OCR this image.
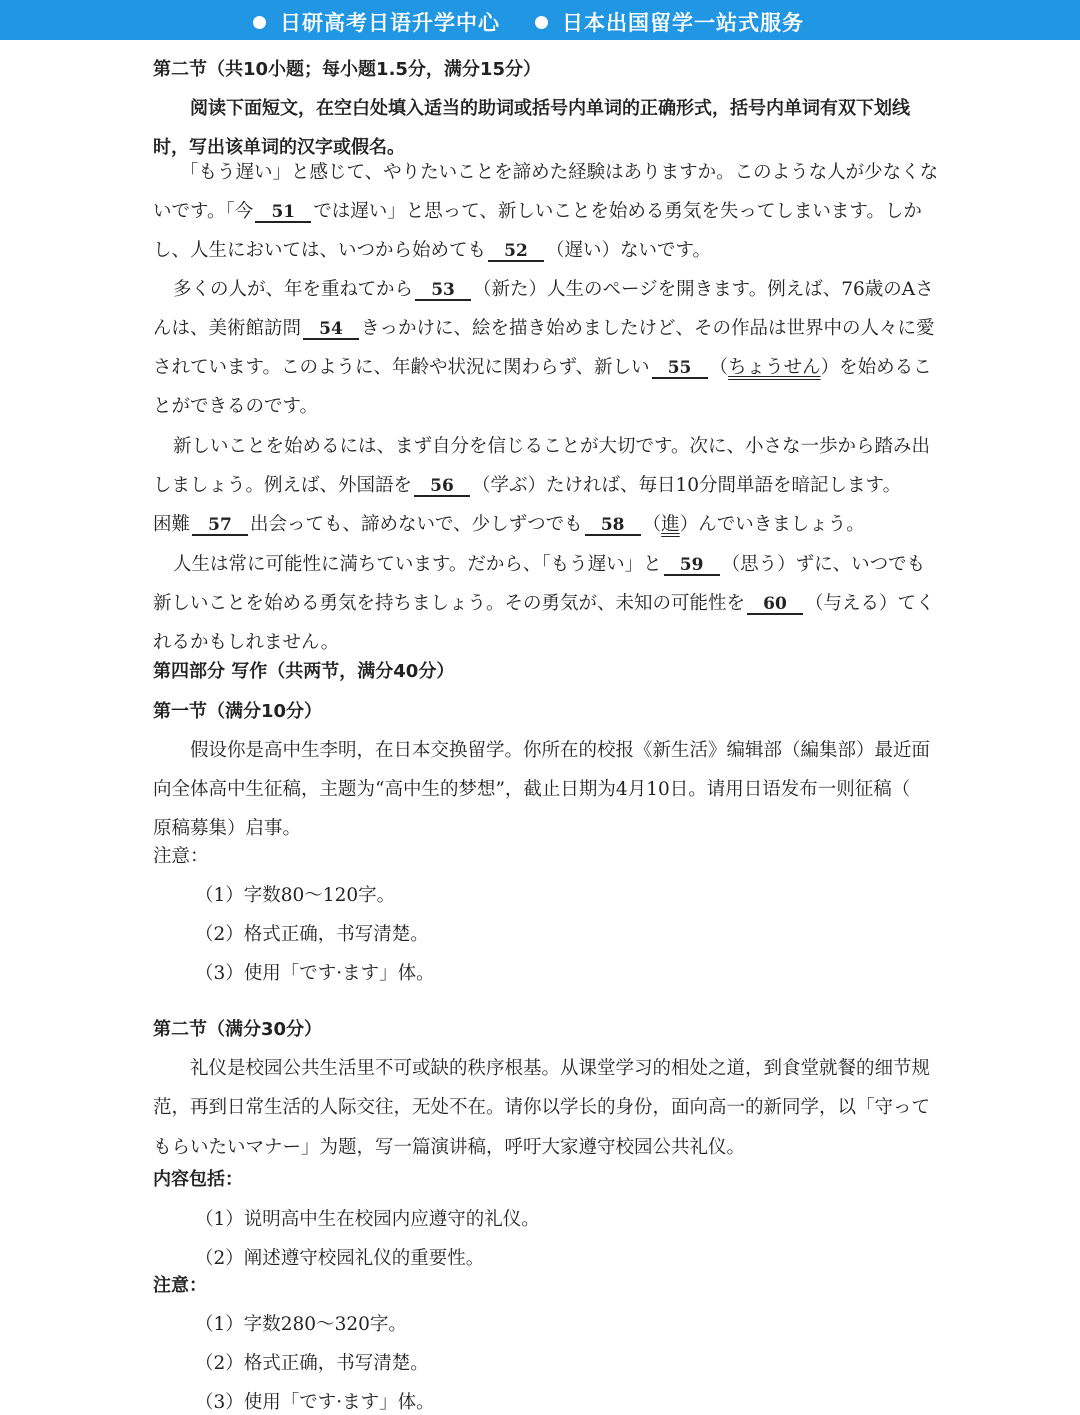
日研高考日语升学中心	日本出国留学一站式服务
第二节（共10小题；每小题1.5分，满分15分）
阅读下面短文，在空白处填入适当的助词或括号内单词的正确形式，括号内单词有双下划线
时，写出该单词的汉字或假名。
「もう遅い」と感じて、やりたいことを諦めた経験はありますか。このような人が少なくな
いです。「今 51 では遅い」と思って、新しいことを始める勇気を失ってしまいます。しか
し、人生においては、いつから始めても 52 （遅い）ないです。
多くの人が、年を重ねてから 53 （新た）人生のページを開きます。例えば、76歳のAさ
んは、美術館訪問 54 きっかけに、絵を描き始めましたけど、その作品は世界中の人々に愛
されています。このように、年齢や状況に関わらず、新しい 55 （ちょうせん）を始めるこ
とができるのです。
新しいことを始めるには、まず自分を信じることが大切です。次に、小さな一歩から踏み出
しましょう。例えば、外国語を 56 （学ぶ）たければ、毎日10分間単語を暗記します。
困難 57 出会っても、諦めないで、少しずつでも 58 （進）んでいきましょう。
人生は常に可能性に満ちています。だから、「もう遅い」と 59 （思う）ずに、いつでも
新しいことを始める勇気を持ちましょう。その勇気が、未知の可能性を 60 （与える）てく
れるかもしれません。
第四部分 写作（共两节，满分40分）
第一节（满分10分）
假设你是高中生李明，在日本交换留学。你所在的校报《新生活》编辑部（編集部）最近面
向全体高中生征稿，主题为“高中生的梦想”，截止日期为4月10日。请用日语发布一则征稿（
原稿募集）启事。
注意：
（1）字数80～120字。
（2）格式正确，书写清楚。
（3）使用「です·ます」体。
第二节（满分30分）
礼仪是校园公共生活里不可或缺的秩序根基。从课堂学习的相处之道，到食堂就餐的细节规
范，再到日常生活的人际交往，无处不在。请你以学长的身份，面向高一的新同学，以「守って
もらいたいマナー」为题，写一篇演讲稿，呼吁大家遵守校园公共礼仪。
内容包括：
（1）说明高中生在校园内应遵守的礼仪。
（2）阐述遵守校园礼仪的重要性。
注意：
（1）字数280～320字。
（2）格式正确，书写清楚。
（3）使用「です·ます」体。
